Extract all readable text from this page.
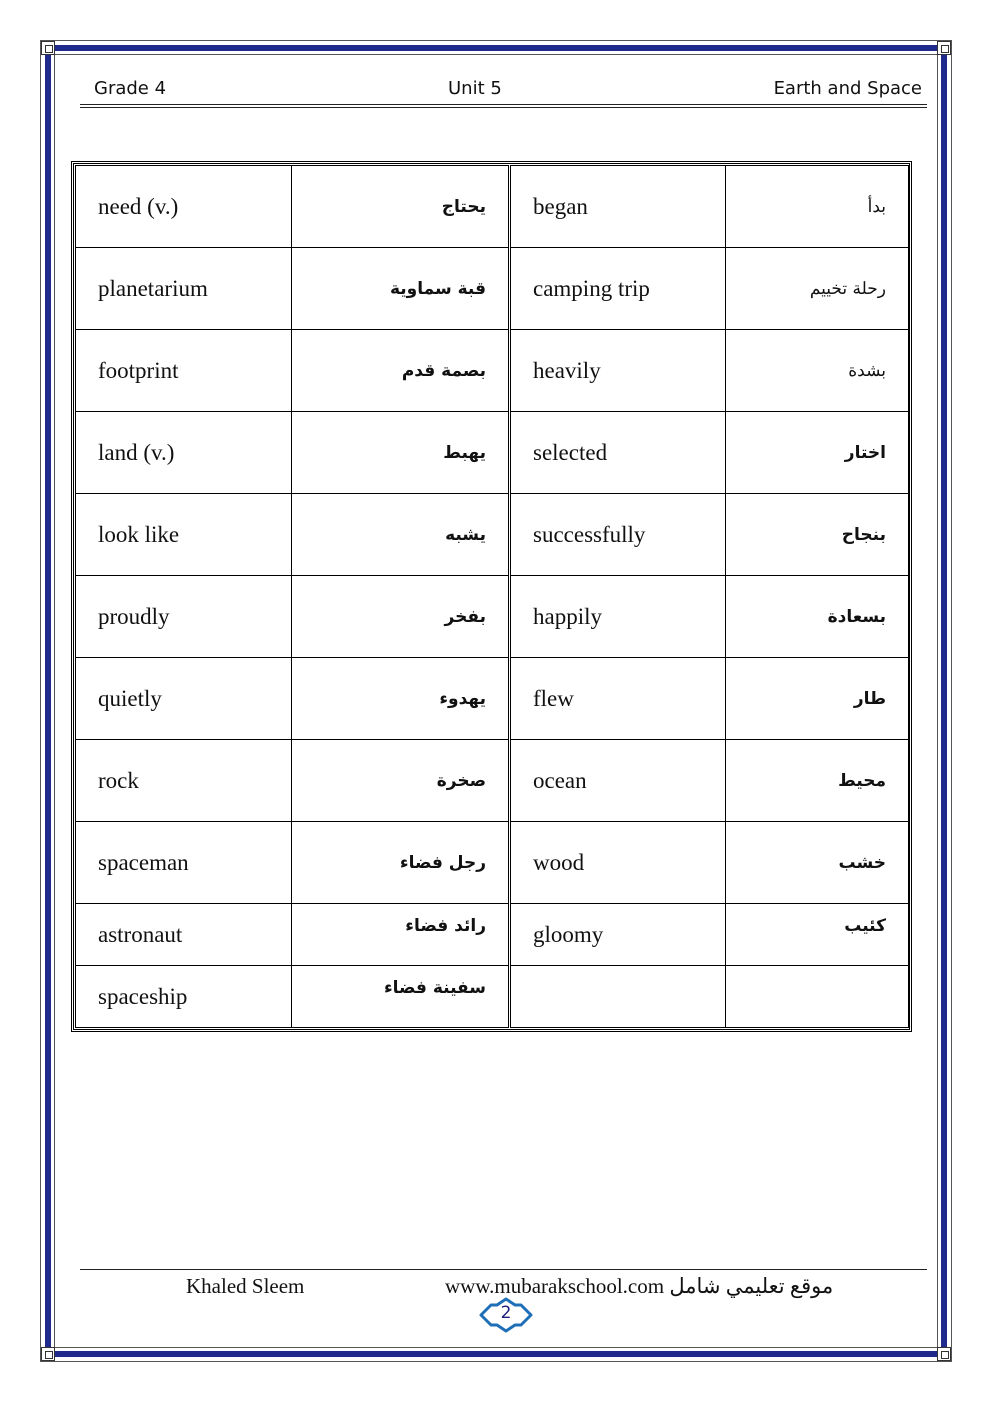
Grade 4	Unit 5	Earth and Space
need (v.)	يحتاج	began	بدأ
planetarium	قبة سماوية	camping trip	رحلة تخييم
footprint	بصمة قدم	heavily	بشدة
land (v.)	يهبط	selected	اختار
look like	يشبه	successfully	بنجاح
proudly	بفخر	happily	بسعادة
quietly	يهدوء	flew	طار
rock	صخرة	ocean	محيط
spaceman	رجل فضاء	wood	خشب
astronaut	رائد فضاء	gloomy	كئيب
spaceship	سفينة فضاء		
Khaled Sleem	www.mubarakschool.com موقع تعليمي شامل
2
